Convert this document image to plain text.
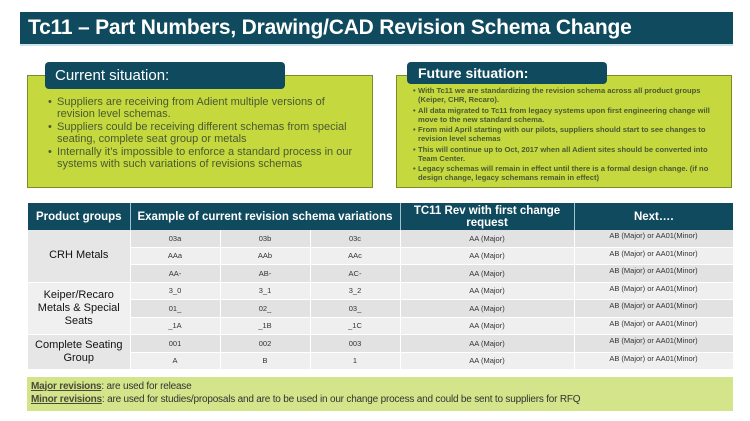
Tc11 – Part Numbers, Drawing/CAD Revision Schema Change
• Suppliers are receiving from Adient multiple versions of revision level schemas.
• Suppliers could be receiving different schemas from special seating, complete seat group or metals
• Internally it’s impossible to enforce a standard process in our systems with such variations of revisions schemas
Current situation:
• With Tc11 we are standardizing the revision schema across all product groups (Keiper, CHR, Recaro).
• All data migrated to Tc11 from legacy systems upon first engineering change will move to the new standard schema.
• From mid April starting with our pilots, suppliers should start to see changes to revision level schemas
• This will continue up to Oct, 2017 when all Adient sites should be converted into Team Center.
• Legacy schemas will remain in effect until there is a formal design change. (if no design change, legacy schemans remain in effect)
Future situation:
Product groups	Example of current revision schema variations			TC11 Rev with first change request	Next….
CRH Metals	03a	03b	03c	AA (Major)	AB (Major) or AA01(Minor)
	AAa	AAb	AAc	AA (Major)	AB (Major) or AA01(Minor)
	AA-	AB-	AC-	AA (Major)	AB (Major) or AA01(Minor)
Keiper/Recaro Metals & Special Seats	3_0	3_1	3_2	AA (Major)	AB (Major) or AA01(Minor)
	01_	02_	03_	AA (Major)	AB (Major) or AA01(Minor)
	_1A	_1B	_1C	AA (Major)	AB (Major) or AA01(Minor)
Complete Seating Group	001	002	003	AA (Major)	AB (Major) or AA01(Minor)
	A	B	1	AA (Major)	AB (Major) or AA01(Minor)
Major revisions: are used for release
Minor revisions: are used for studies/proposals and are to be used in our change process and could be sent to suppliers for RFQ
